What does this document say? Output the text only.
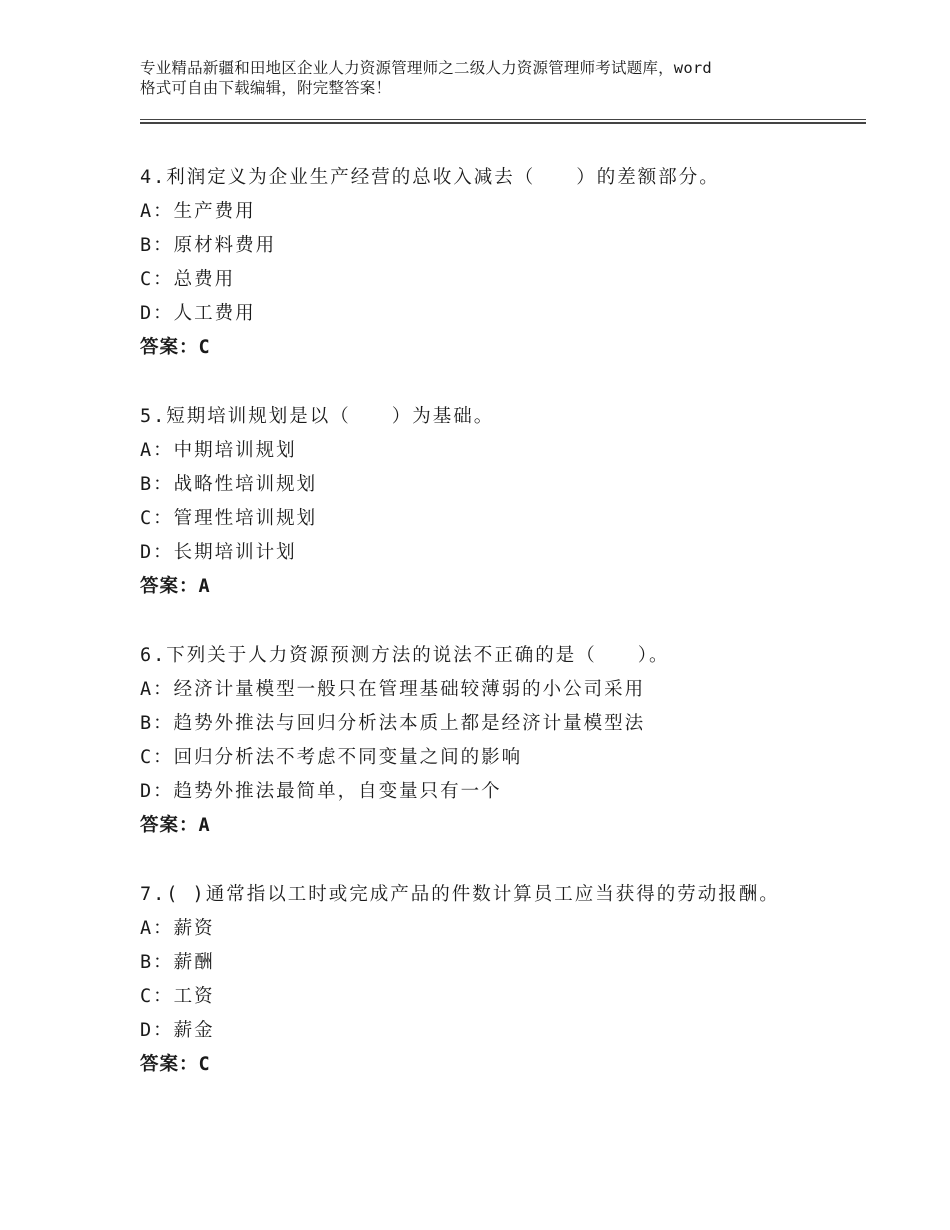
专业精品新疆和田地区企业人力资源管理师之二级人力资源管理师考试题库，word
格式可自由下载编辑，附完整答案！
4.利润定义为企业生产经营的总收入减去（　　）的差额部分。
A：生产费用
B：原材料费用
C：总费用
D：人工费用
答案：C
5.短期培训规划是以（　　）为基础。
A：中期培训规划
B：战略性培训规划
C：管理性培训规划
D：长期培训计划
答案：A
6.下列关于人力资源预测方法的说法不正确的是（　　）。
A：经济计量模型一般只在管理基础较薄弱的小公司采用
B：趋势外推法与回归分析法本质上都是经济计量模型法
C：回归分析法不考虑不同变量之间的影响
D：趋势外推法最简单，自变量只有一个
答案：A
7.( )通常指以工时或完成产品的件数计算员工应当获得的劳动报酬。
A：薪资
B：薪酬
C：工资
D：薪金
答案：C
